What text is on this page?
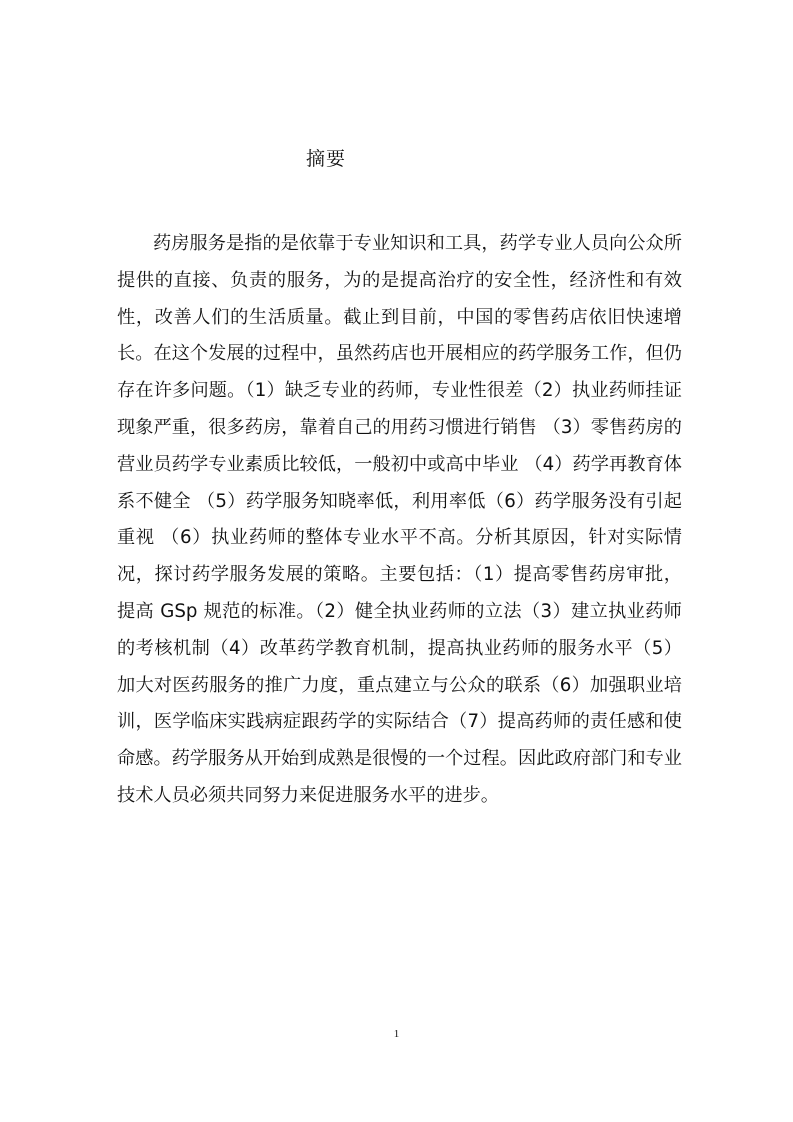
摘要

药房服务是指的是依靠于专业知识和工具，药学专业人员向公众所提供的直接、负责的服务，为的是提高治疗的安全性，经济性和有效性，改善人们的生活质量。截止到目前，中国的零售药店依旧快速增长。在这个发展的过程中，虽然药店也开展相应的药学服务工作，但仍存在许多问题。（1）缺乏专业的药师，专业性很差（2）执业药师挂证现象严重，很多药房，靠着自己的用药习惯进行销售 （3）零售药房的营业员药学专业素质比较低，一般初中或高中毕业 （4）药学再教育体系不健全 （5）药学服务知晓率低，利用率低（6）药学服务没有引起重视 （6）执业药师的整体专业水平不高。分析其原因，针对实际情况，探讨药学服务发展的策略。主要包括：（1）提高零售药房审批，提高 GSp 规范的标准。（2）健全执业药师的立法（3）建立执业药师的考核机制（4）改革药学教育机制，提高执业药师的服务水平（5）加大对医药服务的推广力度，重点建立与公众的联系（6）加强职业培训，医学临床实践病症跟药学的实际结合（7）提高药师的责任感和使命感。药学服务从开始到成熟是很慢的一个过程。因此政府部门和专业技术人员必须共同努力来促进服务水平的进步。

1
